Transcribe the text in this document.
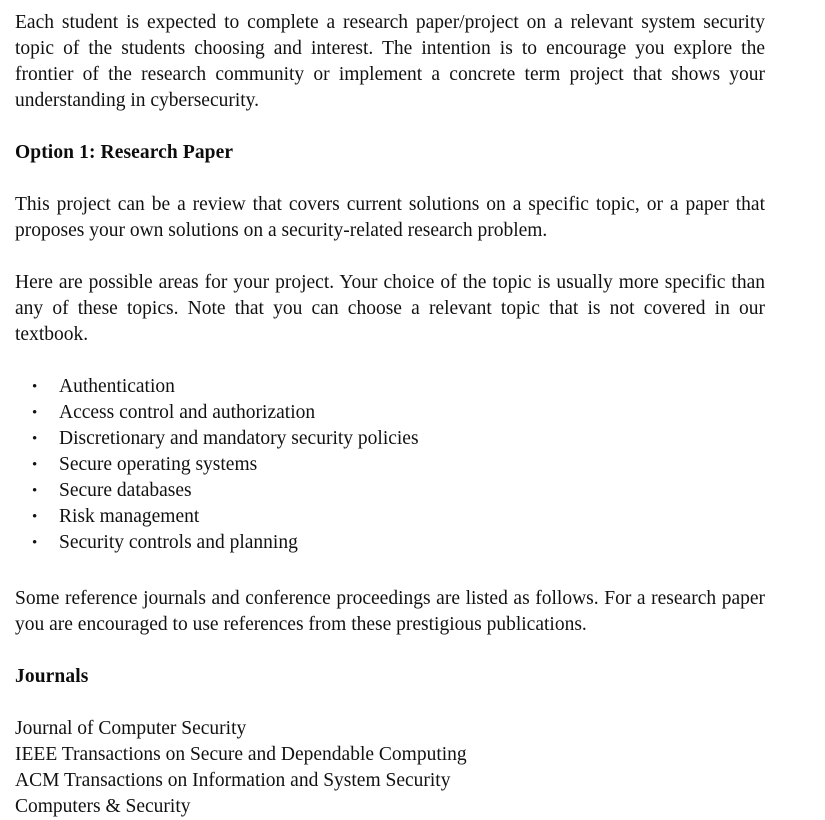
Each student is expected to complete a research paper/project on a relevant system security topic of the students choosing and interest. The intention is to encourage you explore the frontier of the research community or implement a concrete term project that shows your understanding in cybersecurity.

Option 1: Research Paper

This project can be a review that covers current solutions on a specific topic, or a paper that proposes your own solutions on a security-related research problem.

Here are possible areas for your project. Your choice of the topic is usually more specific than any of these topics. Note that you can choose a relevant topic that is not covered in our textbook.

• Authentication
• Access control and authorization
• Discretionary and mandatory security policies
• Secure operating systems
• Secure databases
• Risk management
• Security controls and planning

Some reference journals and conference proceedings are listed as follows. For a research paper you are encouraged to use references from these prestigious publications.

Journals

Journal of Computer Security
IEEE Transactions on Secure and Dependable Computing
ACM Transactions on Information and System Security
Computers & Security
